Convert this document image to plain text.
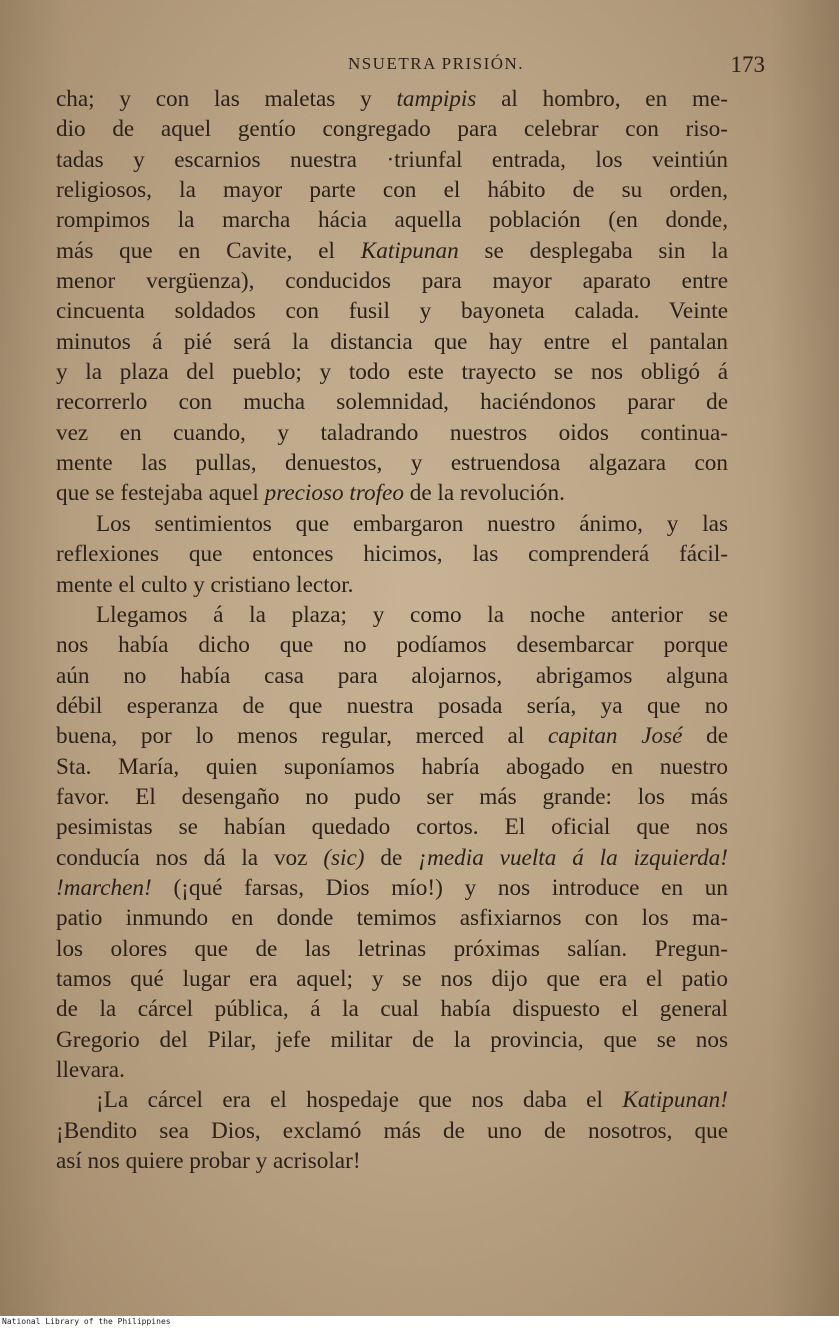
NSUETRA PRISIÓN.	173
cha; y con las maletas y tampipis al hombro, en me-
dio de aquel gentío congregado para celebrar con riso-
tadas y escarnios nuestra ·triunfal entrada, los veintiún
religiosos, la mayor parte con el hábito de su orden,
rompimos la marcha hácia aquella población (en donde,
más que en Cavite, el Katipunan se desplegaba sin la
menor vergüenza), conducidos para mayor aparato entre
cincuenta soldados con fusil y bayoneta calada. Veinte
minutos á pié será la distancia que hay entre el pantalan
y la plaza del pueblo; y todo este trayecto se nos obligó á
recorrerlo con mucha solemnidad, haciéndonos parar de
vez en cuando, y taladrando nuestros oidos continua-
mente las pullas, denuestos, y estruendosa algazara con
que se festejaba aquel precioso trofeo de la revolución.
Los sentimientos que embargaron nuestro ánimo, y las
reflexiones que entonces hicimos, las comprenderá fácil-
mente el culto y cristiano lector.
Llegamos á la plaza; y como la noche anterior se
nos había dicho que no podíamos desembarcar porque
aún no había casa para alojarnos, abrigamos alguna
débil esperanza de que nuestra posada sería, ya que no
buena, por lo menos regular, merced al capitan José de
Sta. María, quien suponíamos habría abogado en nuestro
favor. El desengaño no pudo ser más grande: los más
pesimistas se habían quedado cortos. El oficial que nos
conducía nos dá la voz (sic) de ¡media vuelta á la izquierda!
!marchen! (¡qué farsas, Dios mío!) y nos introduce en un
patio inmundo en donde temimos asfixiarnos con los ma-
los olores que de las letrinas próximas salían. Pregun-
tamos qué lugar era aquel; y se nos dijo que era el patio
de la cárcel pública, á la cual había dispuesto el general
Gregorio del Pilar, jefe militar de la provincia, que se nos
llevara.
¡La cárcel era el hospedaje que nos daba el Katipunan!
¡Bendito sea Dios, exclamó más de uno de nosotros, que
así nos quiere probar y acrisolar!
National Library of the Philippines
